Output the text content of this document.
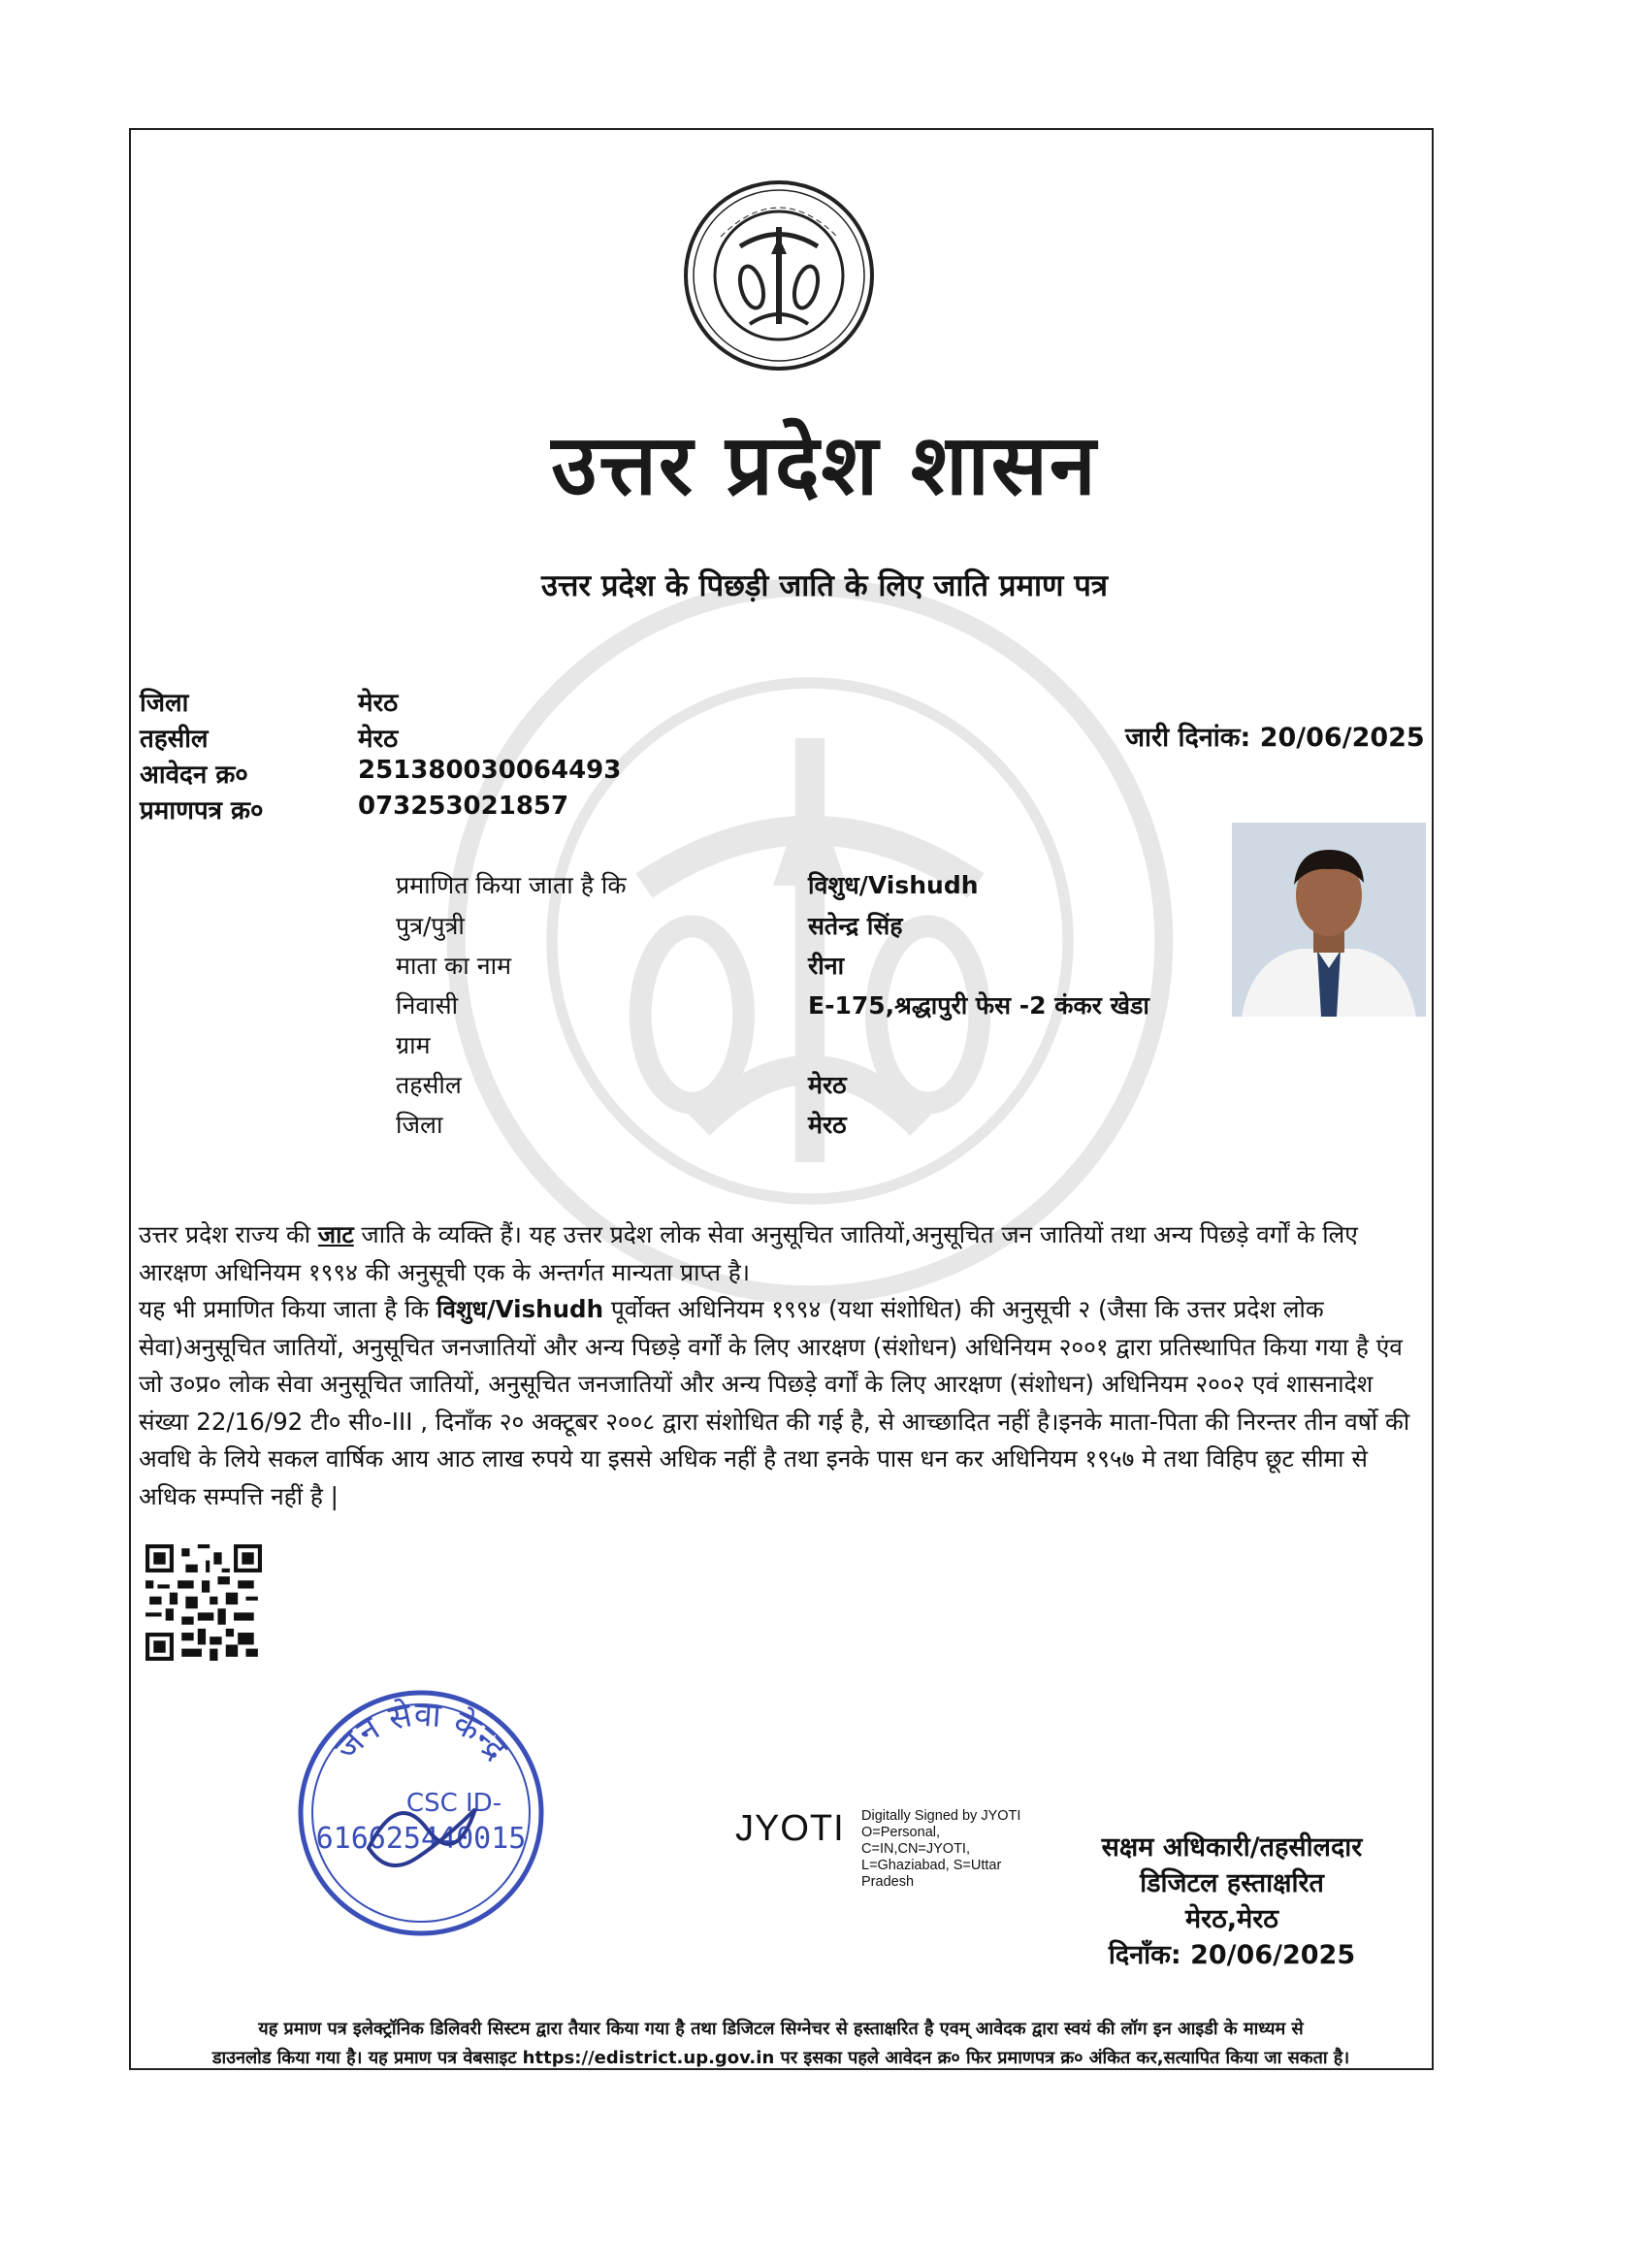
उत्तर प्रदेश शासन
उत्तर प्रदेश के पिछड़ी जाति के लिए जाति प्रमाण पत्र
जिला	मेरठ
तहसील	मेरठ
आवेदन क्र०	251380030064493
प्रमाणपत्र क्र०	073253021857
जारी दिनांक: 20/06/2025
प्रमाणित किया जाता है कि	विशुध/Vishudh
पुत्र/पुत्री	सतेन्द्र सिंह
माता का नाम	रीना
निवासी	E-175,श्रद्धापुरी फेस -2 कंकर खेडा
ग्राम
तहसील	मेरठ
जिला	मेरठ
उत्तर प्रदेश राज्य की जाट जाति के व्यक्ति हैं। यह उत्तर प्रदेश लोक सेवा अनुसूचित जातियों,अनुसूचित जन जातियों तथा अन्य पिछड़े वर्गों के लिए आरक्षण अधिनियम १९९४ की अनुसूची एक के अन्तर्गत मान्यता प्राप्त है।
यह भी प्रमाणित किया जाता है कि विशुध/Vishudh पूर्वोक्त अधिनियम १९९४ (यथा संशोधित) की अनुसूची २ (जैसा कि उत्तर प्रदेश लोक सेवा)अनुसूचित जातियों, अनुसूचित जनजातियों और अन्य पिछड़े वर्गों के लिए आरक्षण (संशोधन) अधिनियम २००१ द्वारा प्रतिस्थापित किया गया है एंव जो उ०प्र० लोक सेवा अनुसूचित जातियों, अनुसूचित जनजातियों और अन्य पिछड़े वर्गों के लिए आरक्षण (संशोधन) अधिनियम २००२ एवं शासनादेश संख्या 22/16/92 टी० सी०-III , दिनाँक २० अक्टूबर २००८ द्वारा संशोधित की गई है, से आच्छादित नहीं है।इनके माता-पिता की निरन्तर तीन वर्षो की अवधि के लिये सकल वार्षिक आय आठ लाख रुपये या इससे अधिक नहीं है तथा इनके पास धन कर अधिनियम १९५७ मे तथा विहिप छूट सीमा से अधिक सम्पत्ति नहीं है |
जन सेवा केन्द्र
CSC ID-
616625440015	JYOTI Digitally Signed by JYOTI
O=Personal,
C=IN,CN=JYOTI,
L=Ghaziabad, S=Uttar
Pradesh
सक्षम अधिकारी/तहसीलदार
डिजिटल हस्ताक्षरित
मेरठ,मेरठ
दिनाँक: 20/06/2025
यह प्रमाण पत्र इलेक्ट्रॉनिक डिलिवरी सिस्टम द्वारा तैयार किया गया है तथा डिजिटल सिग्नेचर से हस्ताक्षरित है एवम् आवेदक द्वारा स्वयं की लॉग इन आइडी के माध्यम से
डाउनलोड किया गया है। यह प्रमाण पत्र वेबसाइट https://edistrict.up.gov.in पर इसका पहले आवेदन क्र० फिर प्रमाणपत्र क्र० अंकित कर,सत्यापित किया जा सकता है।
